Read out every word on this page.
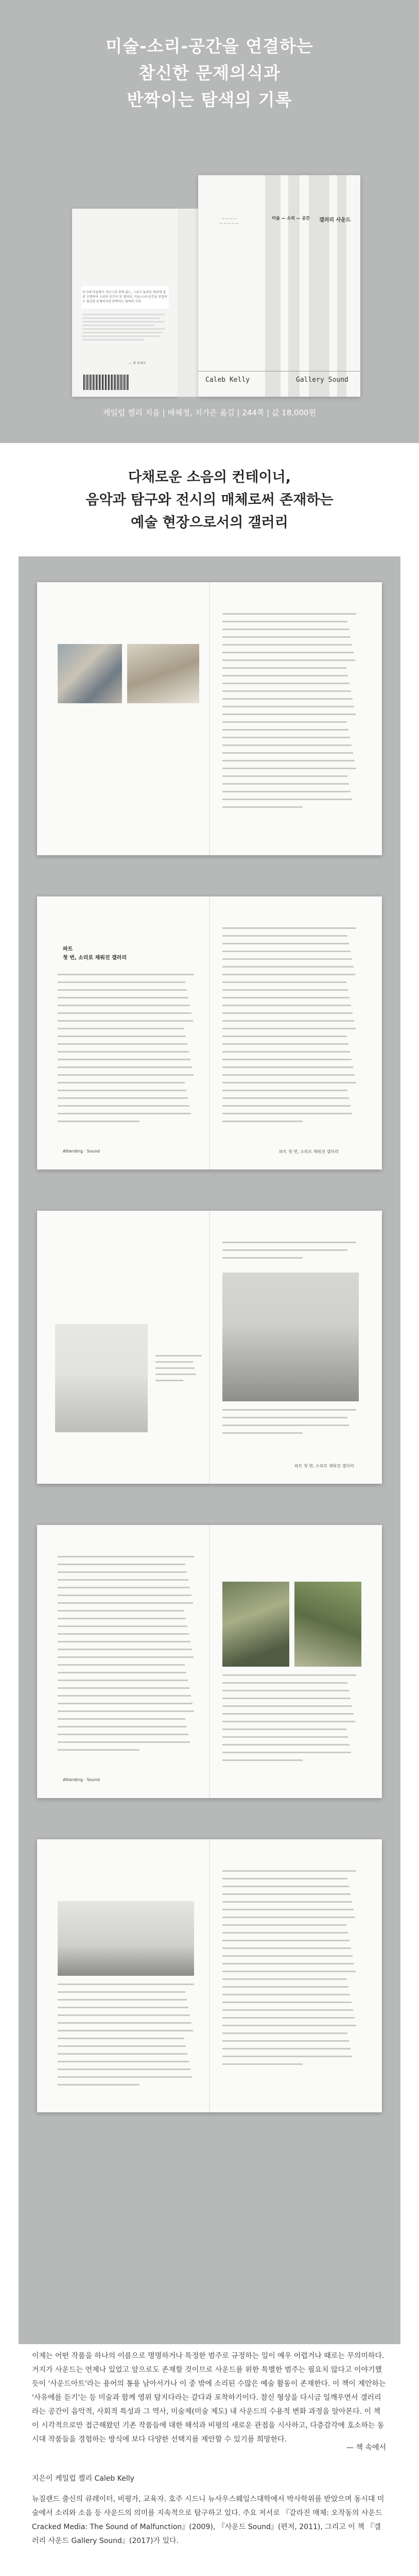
미술-소리-공간을 연결하는
참신한 문제의식과
반짝이는 탐색의 기록
동시대 미술에서 사운드의 전례 없는, 그리고 놀라운 확장에 집중 조명하며 소리의 공간이 된 갤러리, 미술-소리-공간을 연결하는 참신한 문제의식과 반짝이는 탐색의 기록
— 책 속에서
— — — —
— — — — —
미술 — 소리 — 공간	갤러리 사운드
Caleb Kelly	Gallery Sound
케일럽 켈리 지음 | 배혜정, 지가은 옮김 | 244쪽 | 값 18,000원
다채로운 소음의 컨테이너,
음악과 탐구와 전시의 매체로써 존재하는
예술 현장으로서의 갤러리
파트
첫 번, 소리로 채워진 갤러리
Attending · Sound	파트 첫 번, 소리로 채워진 갤러리
파트 첫 번, 소리로 채워진 갤러리
Attending · Sound
이제는 어떤 작품을 하나의 이름으로 명명하거나 특정한 범주로 규정하는 일이 예우 어렵거나 때로는 무의미하다. 거지가 사운드는 언제나 있었고 앞으로도 존재할 것이므로 사운드를 위한 특별한 범주는 필요치 않다고 이야기했듯이 '사운드아트'라는 용어의 통용 남아서가나 이 중 밖에 소리된 수많은 예술 활동이 존재한다. 이 책이 제안하는 '사유에를 듣기'는 등 미술과 함께 영위 탐지다라는 갈다과 포착하기이다. 참신 형상을 다시금 일깨우면서 갤러리라는 공간이 음악적, 사회적 특성과 그 역사, 미술제(미술 제도) 내 사운드의 수용적 변화 과정을 알아본다. 이 책이 시각적으로만 접근해왔던 기존 작품들에 대한 해석과 비평의 새로운 관점을 시사하고, 다층감각에 호소하는 동시대 작품들을 경험하는 방식에 보다 다양한 선택지를 제안할 수 있기를 희망한다.
— 책 속에서
지은이 케일럽 켈리 Caleb Kelly
뉴질랜드 출신의 큐레이터, 비평가, 교육자. 호주 시드니 뉴사우스웨일스대학에서 박사학위를 받았으며 동시대 미술에서 소리와 소음 등 사운드의 의미를 지속적으로 탐구하고 있다. 주요 저서로 『갈라진 매체: 오작동의 사운드 Cracked Media: The Sound of Malfunction』(2009), 『사운드 Sound』(편저, 2011), 그리고 이 책 『갤러리 사운드 Gallery Sound』(2017)가 있다.
